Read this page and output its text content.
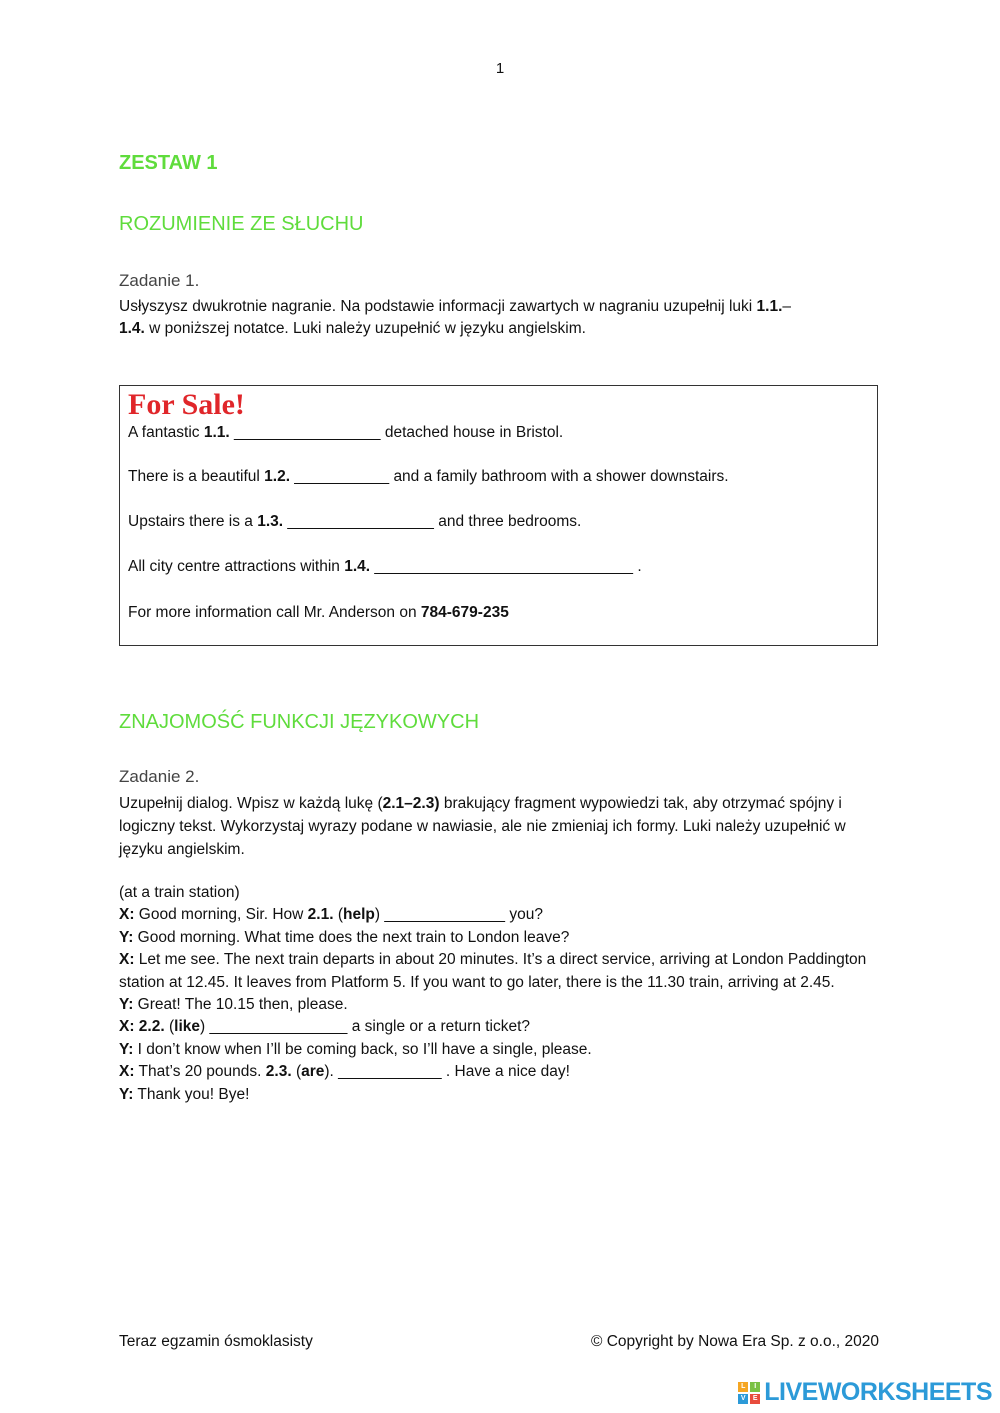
1
ZESTAW 1
ROZUMIENIE ZE SŁUCHU
Zadanie 1.
Usłyszysz dwukrotnie nagranie. Na podstawie informacji zawartych w nagraniu uzupełnij luki 1.1.–
1.4. w poniższej notatce. Luki należy uzupełnić w języku angielskim.
For Sale!
A fantastic 1.1. _________________ detached house in Bristol.
There is a beautiful 1.2. ___________ and a family bathroom with a shower downstairs.
Upstairs there is a 1.3. _________________ and three bedrooms.
All city centre attractions within 1.4. ______________________________ .
For more information call Mr. Anderson on 784-679-235
ZNAJOMOŚĆ FUNKCJI JĘZYKOWYCH
Zadanie 2.
Uzupełnij dialog. Wpisz w każdą lukę (2.1–2.3) brakujący fragment wypowiedzi tak, aby otrzymać spójny i logiczny tekst. Wykorzystaj wyrazy podane w nawiasie, ale nie zmieniaj ich formy. Luki należy uzupełnić w języku angielskim.
(at a train station)
X: Good morning, Sir. How 2.1. (help) ______________ you?
Y: Good morning. What time does the next train to London leave?
X: Let me see. The next train departs in about 20 minutes. It’s a direct service, arriving at London Paddington
station at 12.45. It leaves from Platform 5. If you want to go later, there is the 11.30 train, arriving at 2.45.
Y: Great! The 10.15 then, please.
X: 2.2. (like) ________________ a single or a return ticket?
Y: I don’t know when I’ll be coming back, so I’ll have a single, please.
X: That’s 20 pounds. 2.3. (are). ____________ . Have a nice day!
Y: Thank you! Bye!
Teraz egzamin ósmoklasisty	© Copyright by Nowa Era Sp. z o.o., 2020
L	I
V	E LIVEWORKSHEETS
